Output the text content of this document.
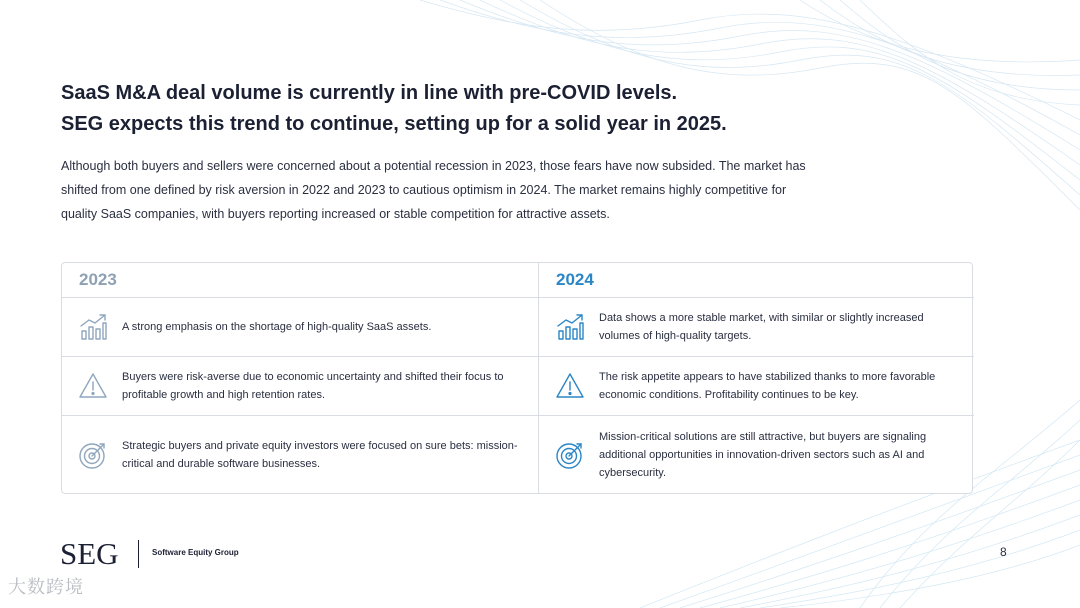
SaaS M&A deal volume is currently in line with pre-COVID levels.
SEG expects this trend to continue, setting up for a solid year in 2025.

Although both buyers and sellers were concerned about a potential recession in 2023, those fears have now subsided. The market has shifted from one defined by risk aversion in 2022 and 2023 to cautious optimism in 2024. The market remains highly competitive for quality SaaS companies, with buyers reporting increased or stable competition for attractive assets.

2023
A strong emphasis on the shortage of high-quality SaaS assets.
Buyers were risk-averse due to economic uncertainty and shifted their focus to profitable growth and high retention rates.
Strategic buyers and private equity investors were focused on sure bets: mission-critical and durable software businesses.
2024
Data shows a more stable market, with similar or slightly increased volumes of high-quality targets.
The risk appetite appears to have stabilized thanks to more favorable economic conditions. Profitability continues to be key.
Mission-critical solutions are still attractive, but buyers are signaling additional opportunities in innovation-driven sectors such as AI and cybersecurity.
SEG	Software Equity Group	8
大数跨境
